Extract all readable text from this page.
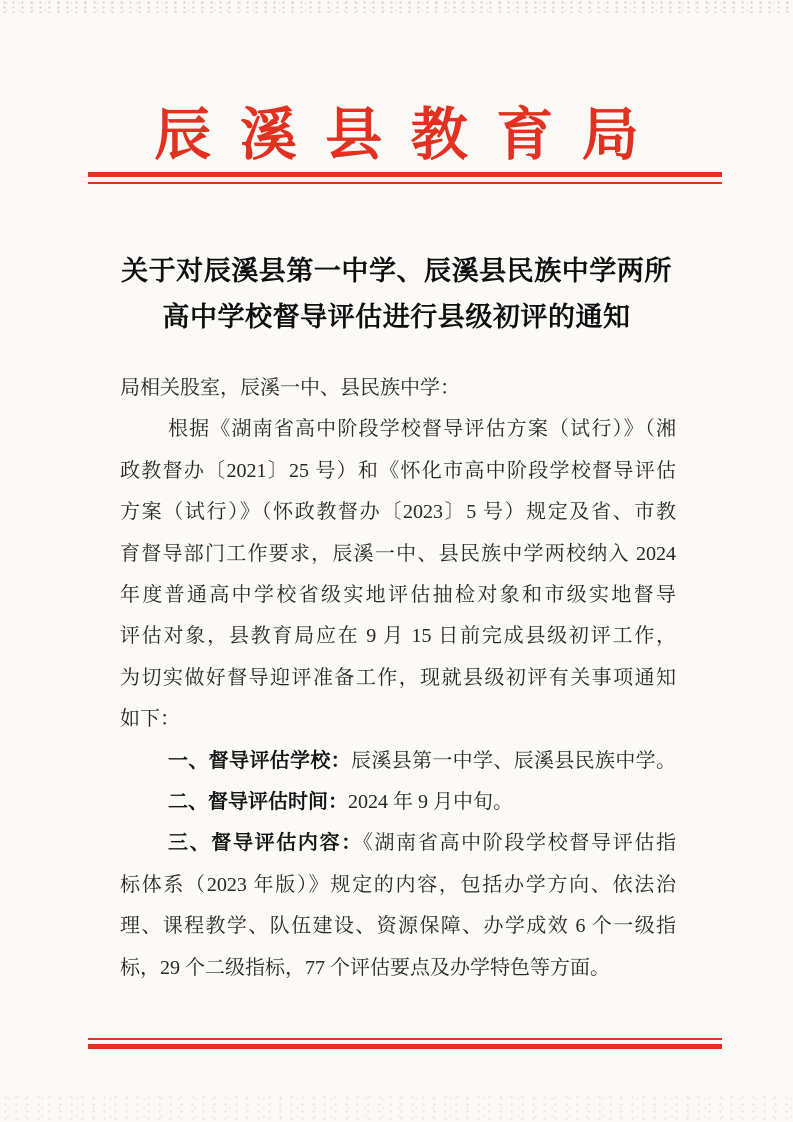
辰溪县教育局
关于对辰溪县第一中学、辰溪县民族中学两所
高中学校督导评估进行县级初评的通知
局相关股室，辰溪一中、县民族中学：
根据《湖南省高中阶段学校督导评估方案（试行）》（湘
政教督办〔2021〕25 号）和《怀化市高中阶段学校督导评估
方案（试行）》（怀政教督办〔2023〕5 号）规定及省、市教
育督导部门工作要求，辰溪一中、县民族中学两校纳入 2024
年度普通高中学校省级实地评估抽检对象和市级实地督导
评估对象，县教育局应在 9 月 15 日前完成县级初评工作，
为切实做好督导迎评准备工作，现就县级初评有关事项通知
如下：
一、督导评估学校：辰溪县第一中学、辰溪县民族中学。
二、督导评估时间：2024 年 9 月中旬。
三、督导评估内容：《湖南省高中阶段学校督导评估指
标体系（2023 年版）》规定的内容，包括办学方向、依法治
理、课程教学、队伍建设、资源保障、办学成效 6 个一级指
标，29 个二级指标，77 个评估要点及办学特色等方面。
